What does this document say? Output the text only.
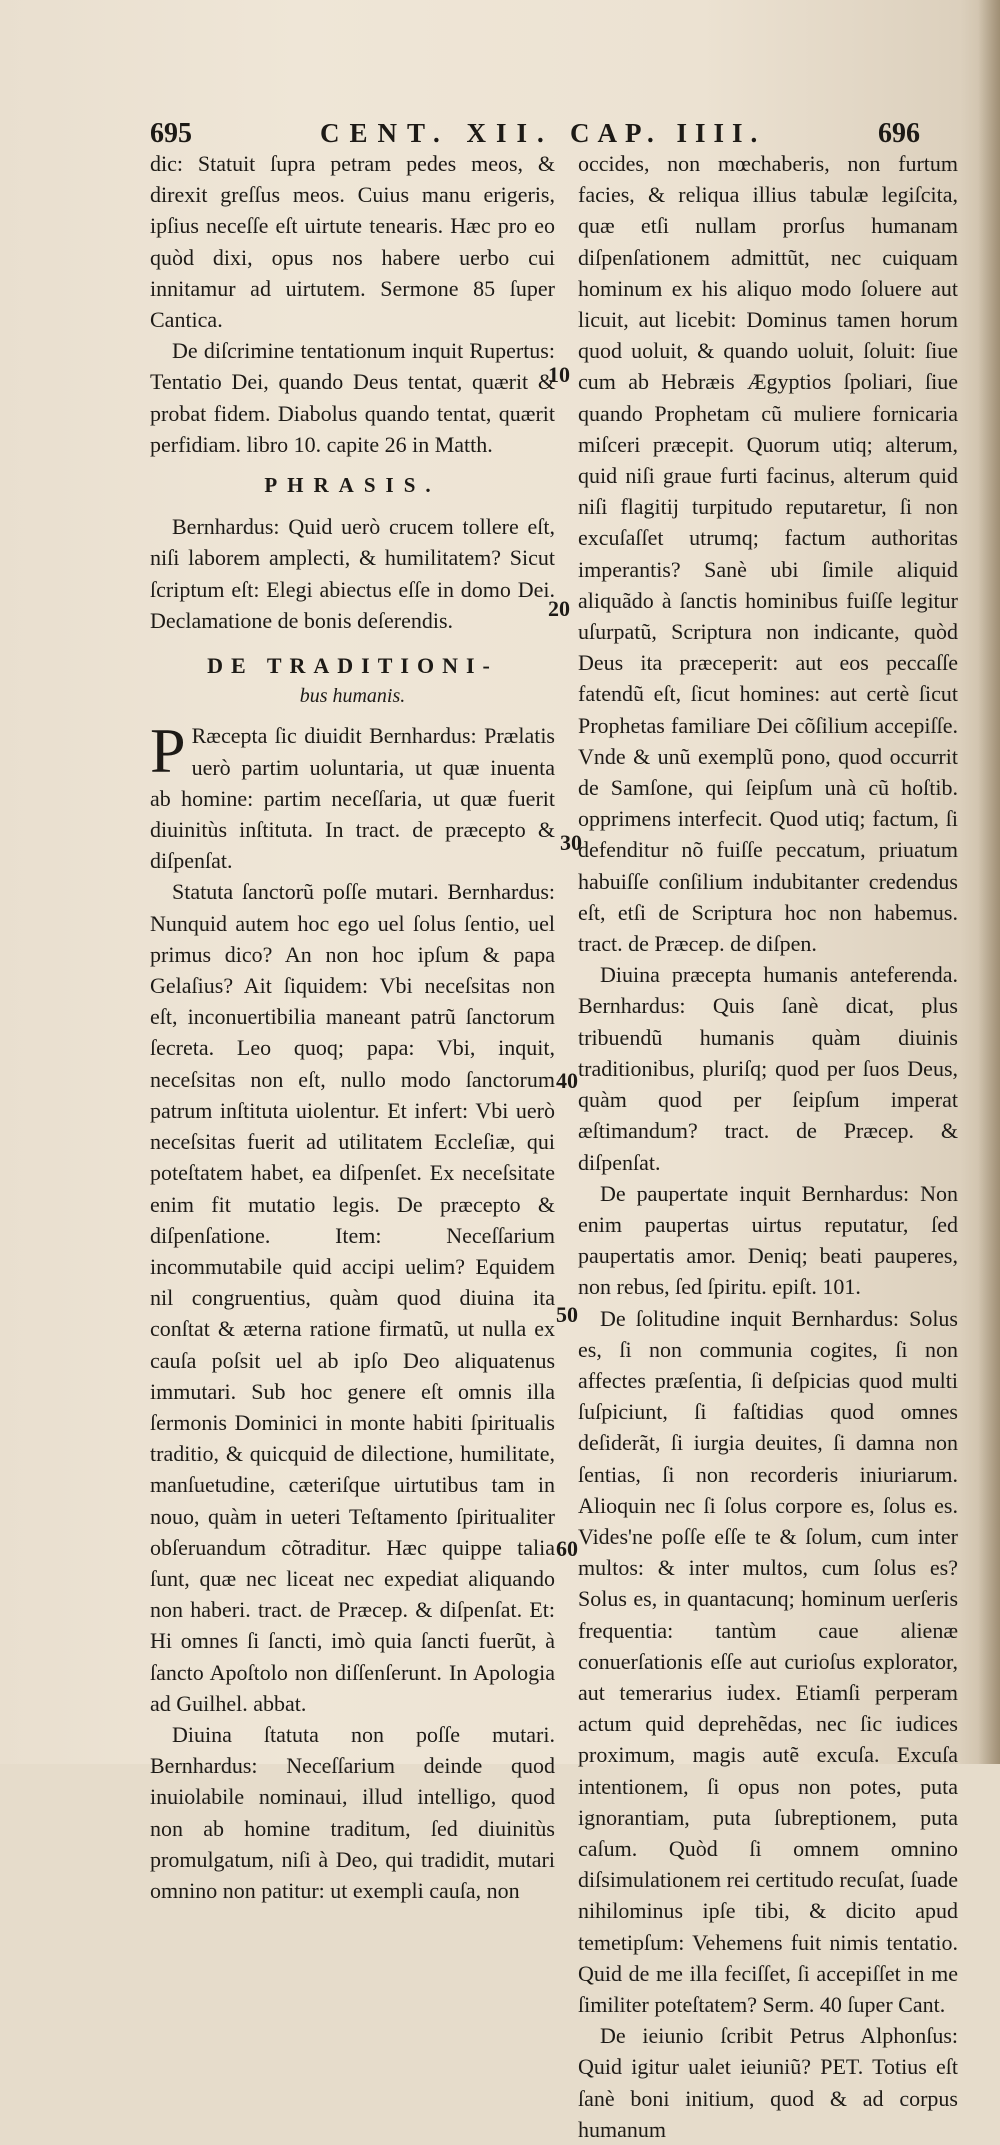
695	CENT. XII. CAP. IIII.	696

dic: Statuit ſupra petram pedes meos, & direxit greſſus meos. Cuius manu erigeris, ipſius neceſſe eſt uirtute tenearis. Hæc pro eo quòd dixi, opus nos habere uerbo cui innitamur ad uirtutem. Sermone 85 ſuper Cantica.

De diſcrimine tentationum inquit Rupertus: Tentatio Dei, quando Deus tentat, quærit & probat fidem. Diabolus quando tentat, quærit perfidiam. libro 10. capite 26 in Matth.

PHRASIS.

Bernhardus: Quid uerò crucem tollere eſt, niſi laborem amplecti, & humilitatem? Sicut ſcriptum eſt: Elegi abiectus eſſe in domo Dei. Declamatione de bonis deſerendis.

DE TRADITIONI-
bus humanis.

P Ræcepta ſic diuidit Bernhardus: Prælatis uerò partim uoluntaria, ut quæ inuenta ab homine: partim neceſſaria, ut quæ fuerit diuinitùs inſtituta. In tract. de præcepto & diſpenſat.

Statuta ſanctorũ poſſe mutari. Bernhardus: Nunquid autem hoc ego uel ſolus ſentio, uel primus dico? An non hoc ipſum & papa Gelaſius? Ait ſiquidem: Vbi neceſsitas non eſt, inconuertibilia maneant patrũ ſanctorum ſecreta. Leo quoq; papa: Vbi, inquit, neceſsitas non eſt, nullo modo ſanctorum patrum inſtituta uiolentur. Et infert: Vbi uerò neceſsitas fuerit ad utilitatem Eccleſiæ, qui poteſtatem habet, ea diſpenſet. Ex neceſsitate enim fit mutatio legis. De præcepto & diſpenſatione. Item: Neceſſarium incommutabile quid accipi uelim? Equidem nil congruentius, quàm quod diuina ita conſtat & æterna ratione firmatũ, ut nulla ex cauſa poſsit uel ab ipſo Deo aliquatenus immutari. Sub hoc genere eſt omnis illa ſermonis Dominici in monte habiti ſpiritualis traditio, & quicquid de dilectione, humilitate, manſuetudine, cæteriſque uirtutibus tam in nouo, quàm in ueteri Teſtamento ſpiritualiter obſeruandum cõtraditur. Hæc quippe talia ſunt, quæ nec liceat nec expediat aliquando non haberi. tract. de Præcep. & diſpenſat. Et: Hi omnes ſi ſancti, imò quia ſancti fuerũt, à ſancto Apoſtolo non diſſenſerunt. In Apologia ad Guilhel. abbat.

Diuina ſtatuta non poſſe mutari. Bernhardus: Neceſſarium deinde quod inuiolabile nominaui, illud intelligo, quod non ab homine traditum, ſed diuinitùs promulgatum, niſi à Deo, qui tradidit, mutari omnino non patitur: ut exempli cauſa, non

occides, non mœchaberis, non furtum facies, & reliqua illius tabulæ legiſcita, quæ etſi nullam prorſus humanam diſpenſationem admittũt, nec cuiquam hominum ex his aliquo modo ſoluere aut licuit, aut licebit: Dominus tamen horum quod uoluit, & quando uoluit, ſoluit: ſiue cum ab Hebræis Ægyptios ſpoliari, ſiue quando Prophetam cũ muliere fornicaria miſceri præcepit. Quorum utiq; alterum, quid niſi grauе furti facinus, alterum quid niſi flagitij turpitudo reputaretur, ſi non excuſaſſet utrumq; factum authoritas imperantis? Sanè ubi ſimile aliquid aliquãdo à ſanctis hominibus fuiſſe legitur uſurpatũ, Scriptura non indicante, quòd Deus ita præceperit: aut eos peccaſſe fatendũ eſt, ſicut homines: aut certè ſicut Prophetas familiare Dei cõſilium accepiſſe. Vnde & unũ exemplũ pono, quod occurrit de Samſone, qui ſeipſum unà cũ hoſtib. opprimens interfecit. Quod utiq; factum, ſi defenditur nõ fuiſſe peccatum, priuatum habuiſſe conſilium indubitanter credendus eſt, etſi de Scriptura hoc non habemus. tract. de Præcep. de diſpen.

Diuina præcepta humanis anteferenda. Bernhardus: Quis ſanè dicat, plus tribuendũ humanis quàm diuinis traditionibus, pluriſq; quod per ſuos Deus, quàm quod per ſeipſum imperat æſtimandum? tract. de Præcep. & diſpenſat.

De paupertate inquit Bernhardus: Non enim paupertas uirtus reputatur, ſed paupertatis amor. Deniq; beati pauperes, non rebus, ſed ſpiritu. epiſt. 101.

De ſolitudine inquit Bernhardus: Solus es, ſi non communia cogites, ſi non affectes præſentia, ſi deſpicias quod multi ſuſpiciunt, ſi faſtidias quod omnes deſiderãt, ſi iurgia deuites, ſi damna non ſentias, ſi non recorderis iniuriarum. Alioquin nec ſi ſolus corpore es, ſolus es. Vides'ne poſſe eſſe te & ſolum, cum inter multos: & inter multos, cum ſolus es? Solus es, in quantacunq; hominum uerſeris frequentia: tantùm caue alienæ conuerſationis eſſe aut curioſus explorator, aut temerarius iudex. Etiamſi perperam actum quid deprehẽdas, nec ſic iudices proximum, magis autẽ excuſa. Excuſa intentionem, ſi opus non potes, puta ignorantiam, puta ſubreptionem, puta caſum. Quòd ſi omnem omnino diſsimulationem rei certitudo recuſat, ſuade nihilominus ipſe tibi, & dicito apud temetipſum: Vehemens fuit nimis tentatio. Quid de me illa feciſſet, ſi accepiſſet in me ſimiliter poteſtatem? Serm. 40 ſuper Cant.

De ieiunio ſcribit Petrus Alphonſus: Quid igitur ualet ieiuniũ? PET. Totius eſt ſanè boni initium, quod & ad corpus humanum

10
20
30
40
50
60
